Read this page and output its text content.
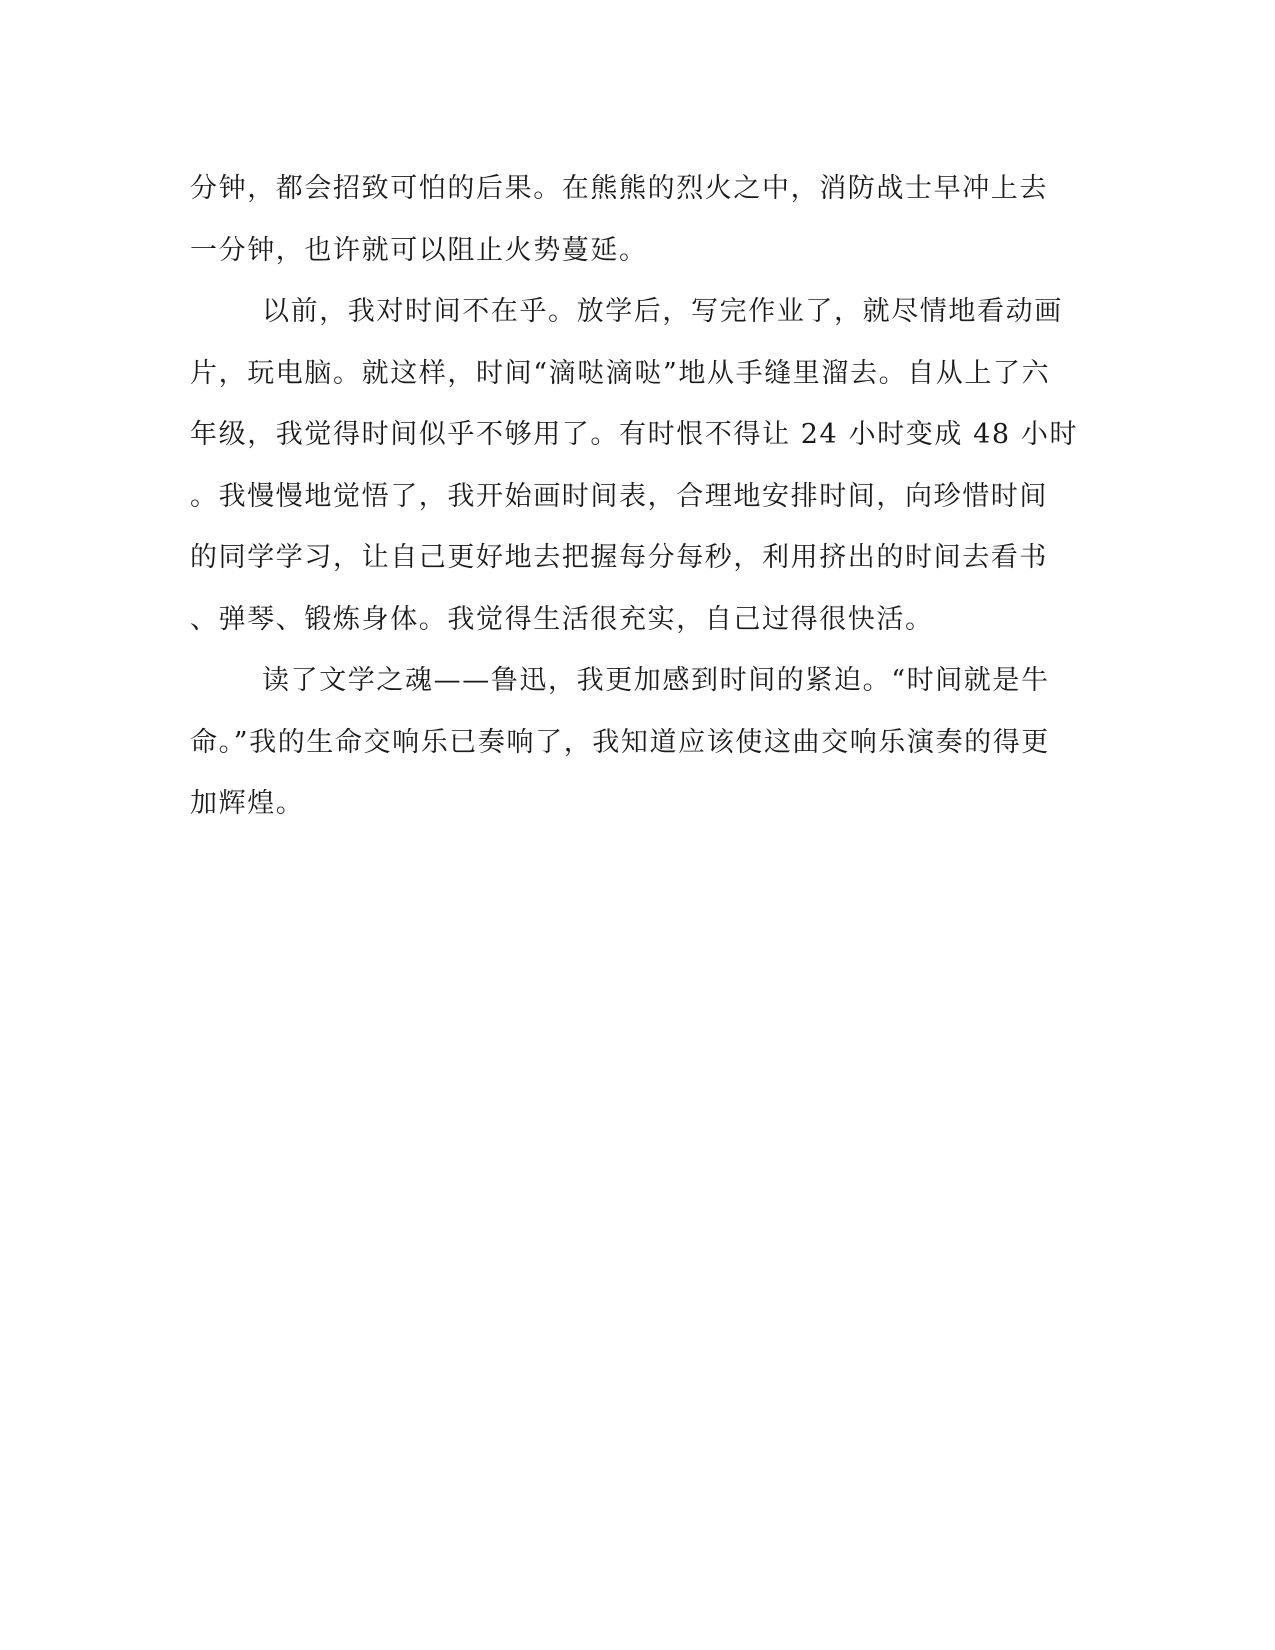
分钟，都会招致可怕的后果。在熊熊的烈火之中，消防战士早冲上去
一分钟，也许就可以阻止火势蔓延。
以前，我对时间不在乎。放学后，写完作业了，就尽情地看动画
片，玩电脑。就这样，时间“滴哒滴哒”地从手缝里溜去。自从上了六
年级，我觉得时间似乎不够用了。有时恨不得让 24 小时变成 48 小时
。我慢慢地觉悟了，我开始画时间表，合理地安排时间，向珍惜时间
的同学学习，让自己更好地去把握每分每秒，利用挤出的时间去看书
、弹琴、锻炼身体。我觉得生活很充实，自己过得很快活。
读了文学之魂——鲁迅，我更加感到时间的紧迫。“时间就是牛
命。”我的生命交响乐已奏响了，我知道应该使这曲交响乐演奏的得更
加辉煌。
